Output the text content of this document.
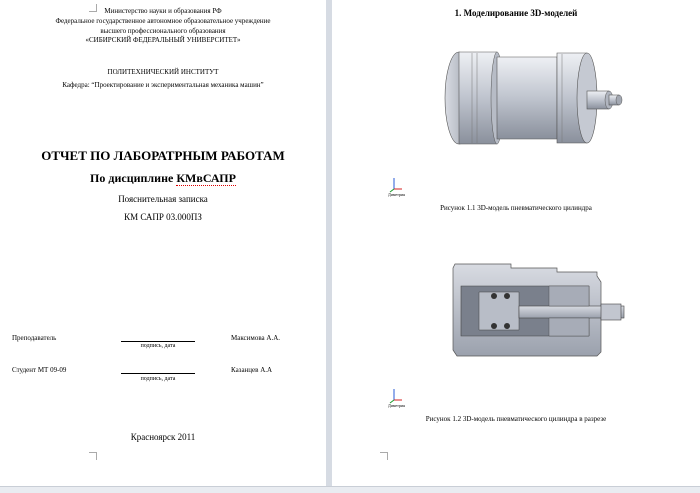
Министерство науки и образования РФ
Федеральное государственное автономное образовательное учреждение
высшего профессионального образования
«СИБИРСКИЙ ФЕДЕРАЛЬНЫЙ УНИВЕРСИТЕТ»
ПОЛИТЕХНИЧЕСКИЙ ИНСТИТУТ
Кафедра: “Проектирование и экспериментальная механика машин”
ОТЧЕТ ПО ЛАБОРАТРНЫМ РАБОТАМ
По дисциплине КМвСАПР
Пояснительная записка
КМ САПР 03.000ПЗ
Преподаватель
подпись, дата
Максимова А.А.
Студент МТ 09-09
подпись, дата
Казанцев А.А
Красноярск 2011
1. Моделирование 3D-моделей
Диметрия
Рисунок 1.1 3D-модель пневматического цилиндра
Диметрия
Рисунок 1.2 3D-модель пневматического цилиндра в разрезе
